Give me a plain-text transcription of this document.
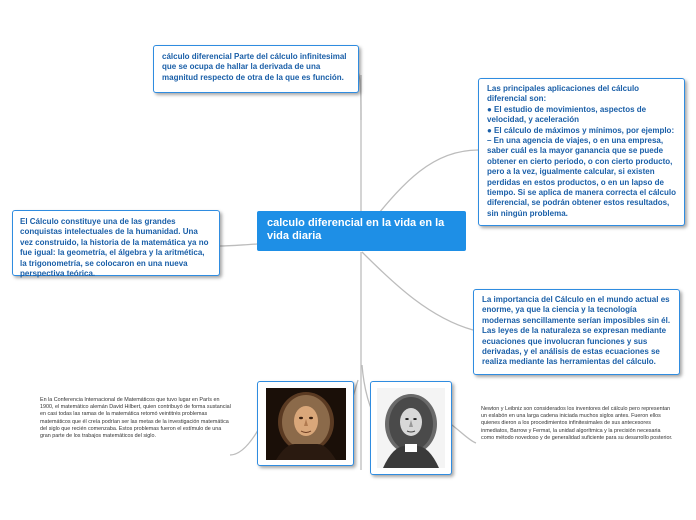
cálculo diferencial Parte del cálculo infinitesimal que se ocupa de hallar la derivada de una magnitud respecto de otra de la que es función.
Las principales aplicaciones del cálculo diferencial son:
● El estudio de movimientos, aspectos de velocidad, y aceleración
● El cálculo de máximos y mínimos, por ejemplo:
– En una agencia de viajes, o en una empresa, saber cuál es la mayor ganancia que se puede obtener en cierto periodo, o con cierto producto, pero a la vez, igualmente calcular, si existen perdidas en estos productos, o en un lapso de tiempo. Si se aplica de manera correcta el cálculo diferencial, se podrán obtener estos resultados, sin ningún problema.
calculo diferencial en la vida en la vida diaria
El Cálculo constituye una de las grandes conquistas intelectuales de la humanidad. Una vez construido, la historia de la matemática ya no fue igual: la geometría, el álgebra y la aritmética, la trigonometría, se colocaron en una nueva perspectiva teórica.
La importancia del Cálculo en el mundo actual es enorme, ya que la ciencia y la tecnología modernas sencillamente serían imposibles sin él. Las leyes de la naturaleza se expresan mediante ecuaciones que involucran funciones y sus derivadas, y el análisis de estas ecuaciones se realiza mediante las herramientas del cálculo.
En la Conferencia Internacional de Matemáticos que tuvo lugar en París en 1900, el matemático alemán David Hilbert, quien contribuyó de forma sustancial en casi todas las ramas de la matemática retomó veintitrés problemas matemáticos que él creía podrían ser las metas de la investigación matemática del siglo que recién comenzaba. Estos problemas fueron el estímulo de una gran parte de los trabajos matemáticos del siglo.
Newton y Leibniz son considerados los inventores del cálculo pero representan un eslabón en una larga cadena iniciada muchos siglos antes. Fueron ellos quienes dieron a los procedimientos infinitesimales de sus antecesores inmediatos, Barrow y Fermat, la unidad algorítmica y la precisión necesaria como método novedoso y de generalidad suficiente para su desarrollo posterior.
